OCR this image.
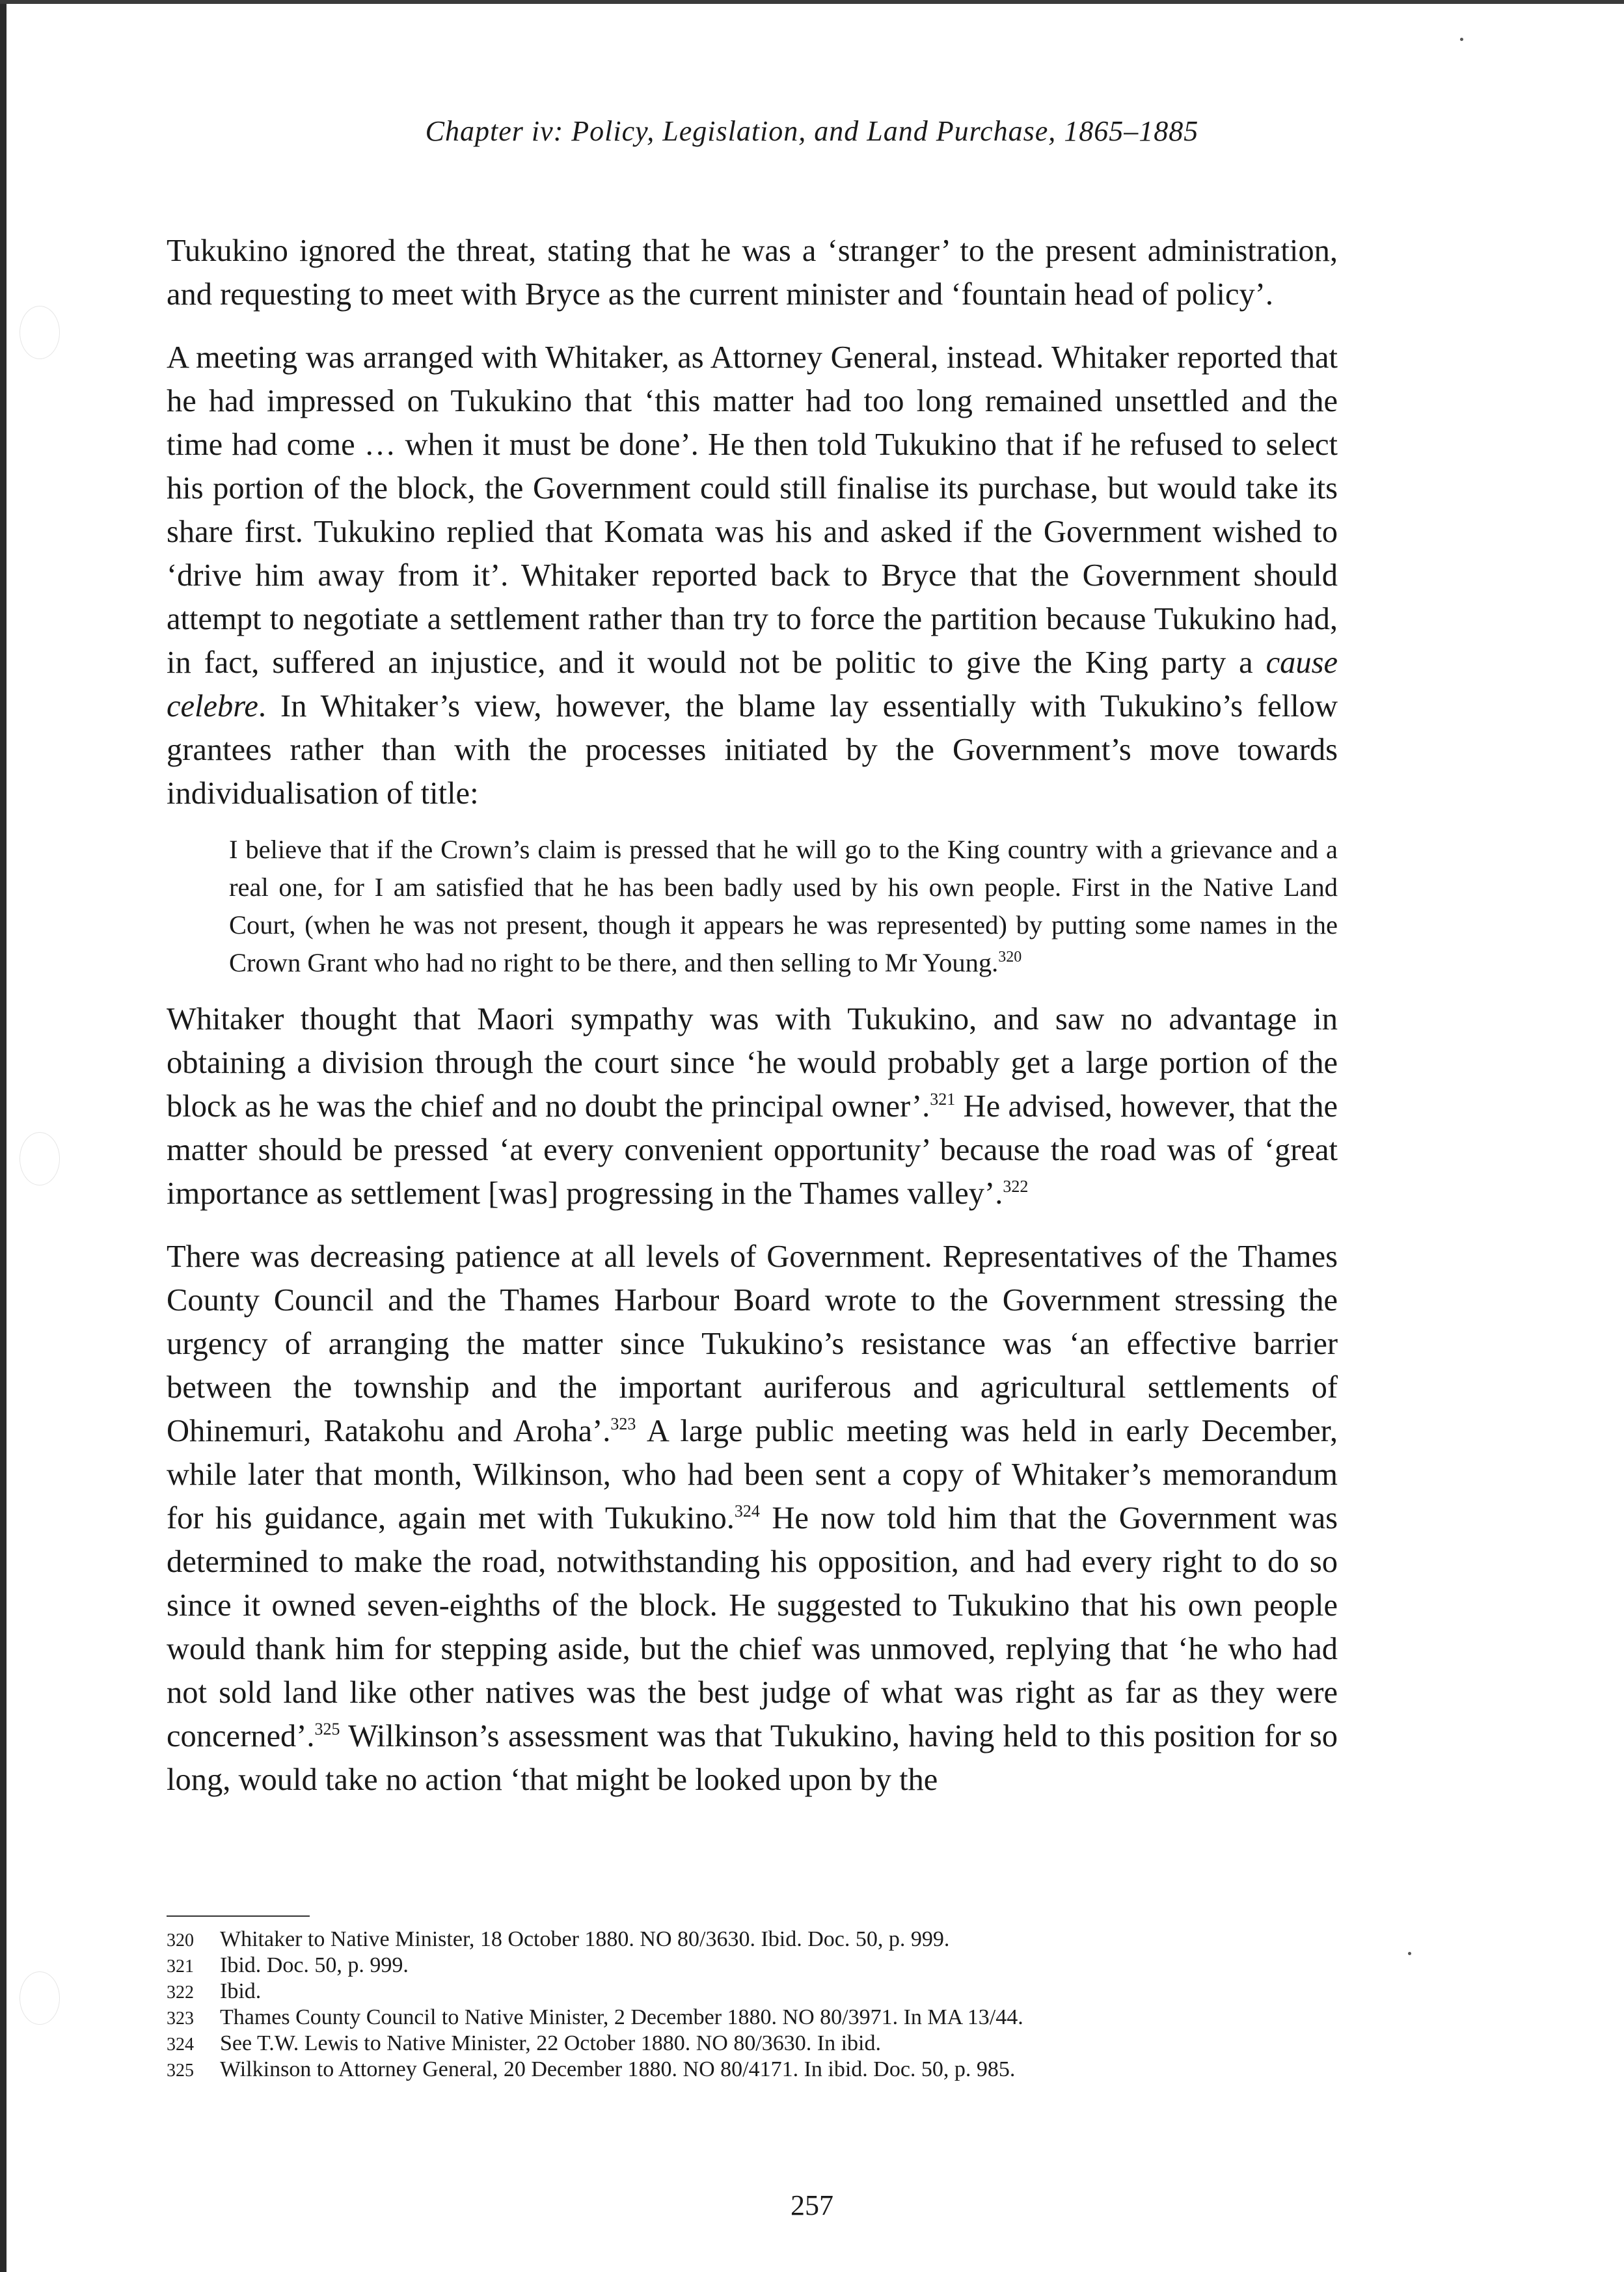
Chapter iv: Policy, Legislation, and Land Purchase, 1865–1885

Tukukino ignored the threat, stating that he was a ‘stranger’ to the present administration, and requesting to meet with Bryce as the current minister and ‘fountain head of policy’.

A meeting was arranged with Whitaker, as Attorney General, instead. Whitaker reported that he had impressed on Tukukino that ‘this matter had too long remained unsettled and the time had come … when it must be done’. He then told Tukukino that if he refused to select his portion of the block, the Government could still finalise its purchase, but would take its share first. Tukukino replied that Komata was his and asked if the Government wished to ‘drive him away from it’. Whitaker reported back to Bryce that the Government should attempt to negotiate a settlement rather than try to force the partition because Tukukino had, in fact, suffered an injustice, and it would not be politic to give the King party a cause celebre. In Whitaker’s view, however, the blame lay essentially with Tukukino’s fellow grantees rather than with the processes initiated by the Government’s move towards individualisation of title:

I believe that if the Crown’s claim is pressed that he will go to the King country with a grievance and a real one, for I am satisfied that he has been badly used by his own people. First in the Native Land Court, (when he was not present, though it appears he was represented) by putting some names in the Crown Grant who had no right to be there, and then selling to Mr Young.$^{320}$

Whitaker thought that Maori sympathy was with Tukukino, and saw no advantage in obtaining a division through the court since ‘he would probably get a large portion of the block as he was the chief and no doubt the principal owner’.$^{321}$ He advised, however, that the matter should be pressed ‘at every convenient opportunity’ because the road was of ‘great importance as settlement [was] progressing in the Thames valley’.$^{322}$

There was decreasing patience at all levels of Government. Representatives of the Thames County Council and the Thames Harbour Board wrote to the Government stressing the urgency of arranging the matter since Tukukino’s resistance was ‘an effective barrier between the township and the important auriferous and agricultural settlements of Ohinemuri, Ratakohu and Aroha’.$^{323}$ A large public meeting was held in early December, while later that month, Wilkinson, who had been sent a copy of Whitaker’s memorandum for his guidance, again met with Tukukino.$^{324}$ He now told him that the Government was determined to make the road, notwithstanding his opposition, and had every right to do so since it owned seven-eighths of the block. He suggested to Tukukino that his own people would thank him for stepping aside, but the chief was unmoved, replying that ‘he who had not sold land like other natives was the best judge of what was right as far as they were concerned’.$^{325}$ Wilkinson’s assessment was that Tukukino, having held to this position for so long, would take no action ‘that might be looked upon by the

320	Whitaker to Native Minister, 18 October 1880. NO 80/3630. Ibid. Doc. 50, p. 999.
321	Ibid. Doc. 50, p. 999.
322	Ibid.
323	Thames County Council to Native Minister, 2 December 1880. NO 80/3971. In MA 13/44.
324	See T.W. Lewis to Native Minister, 22 October 1880. NO 80/3630. In ibid.
325	Wilkinson to Attorney General, 20 December 1880. NO 80/4171. In ibid. Doc. 50, p. 985.
257
